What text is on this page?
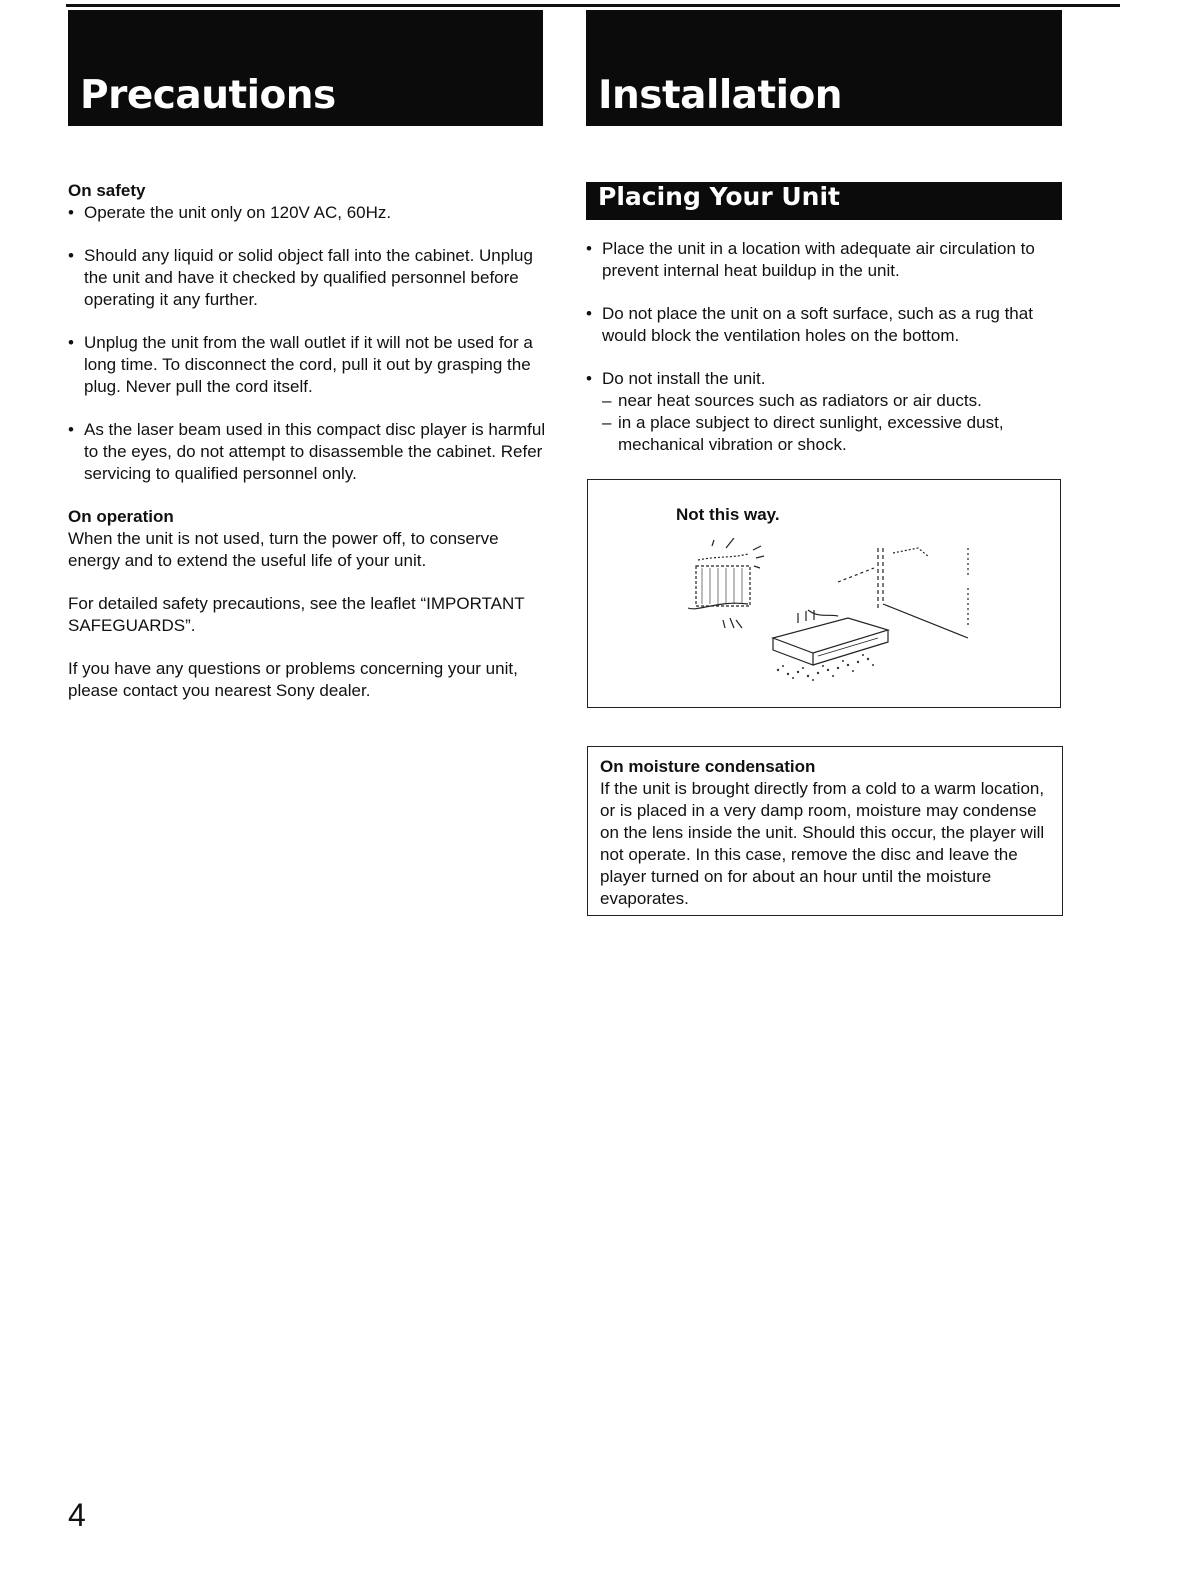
Precautions	Installation

On safety

• Operate the unit only on 120V AC, 60Hz.

• Should any liquid or solid object fall into the cabinet. Unplug the unit and have it checked by qualified personnel before operating it any further.

• Unplug the unit from the wall outlet if it will not be used for a long time. To disconnect the cord, pull it out by grasping the plug. Never pull the cord itself.

• As the laser beam used in this compact disc player is harmful to the eyes, do not attempt to disassemble the cabinet. Refer servicing to qualified personnel only.

On operation

When the unit is not used, turn the power off, to conserve energy and to extend the useful life of your unit.

For detailed safety precautions, see the leaflet “IMPORTANT SAFEGUARDS”.

If you have any questions or problems concerning your unit, please contact you nearest Sony dealer.

Placing Your Unit

• Place the unit in a location with adequate air circulation to prevent internal heat buildup in the unit.

• Do not place the unit on a soft surface, such as a rug that would block the ventilation holes on the bottom.

• Do not install the unit.

– near heat sources such as radiators or air ducts.

– in a place subject to direct sunlight, excessive dust, mechanical vibration or shock.

Not this way.

On moisture condensation

If the unit is brought directly from a cold to a warm location, or is placed in a very damp room, moisture may condense on the lens inside the unit. Should this occur, the player will not operate. In this case, remove the disc and leave the player turned on for about an hour until the moisture evaporates.

4
